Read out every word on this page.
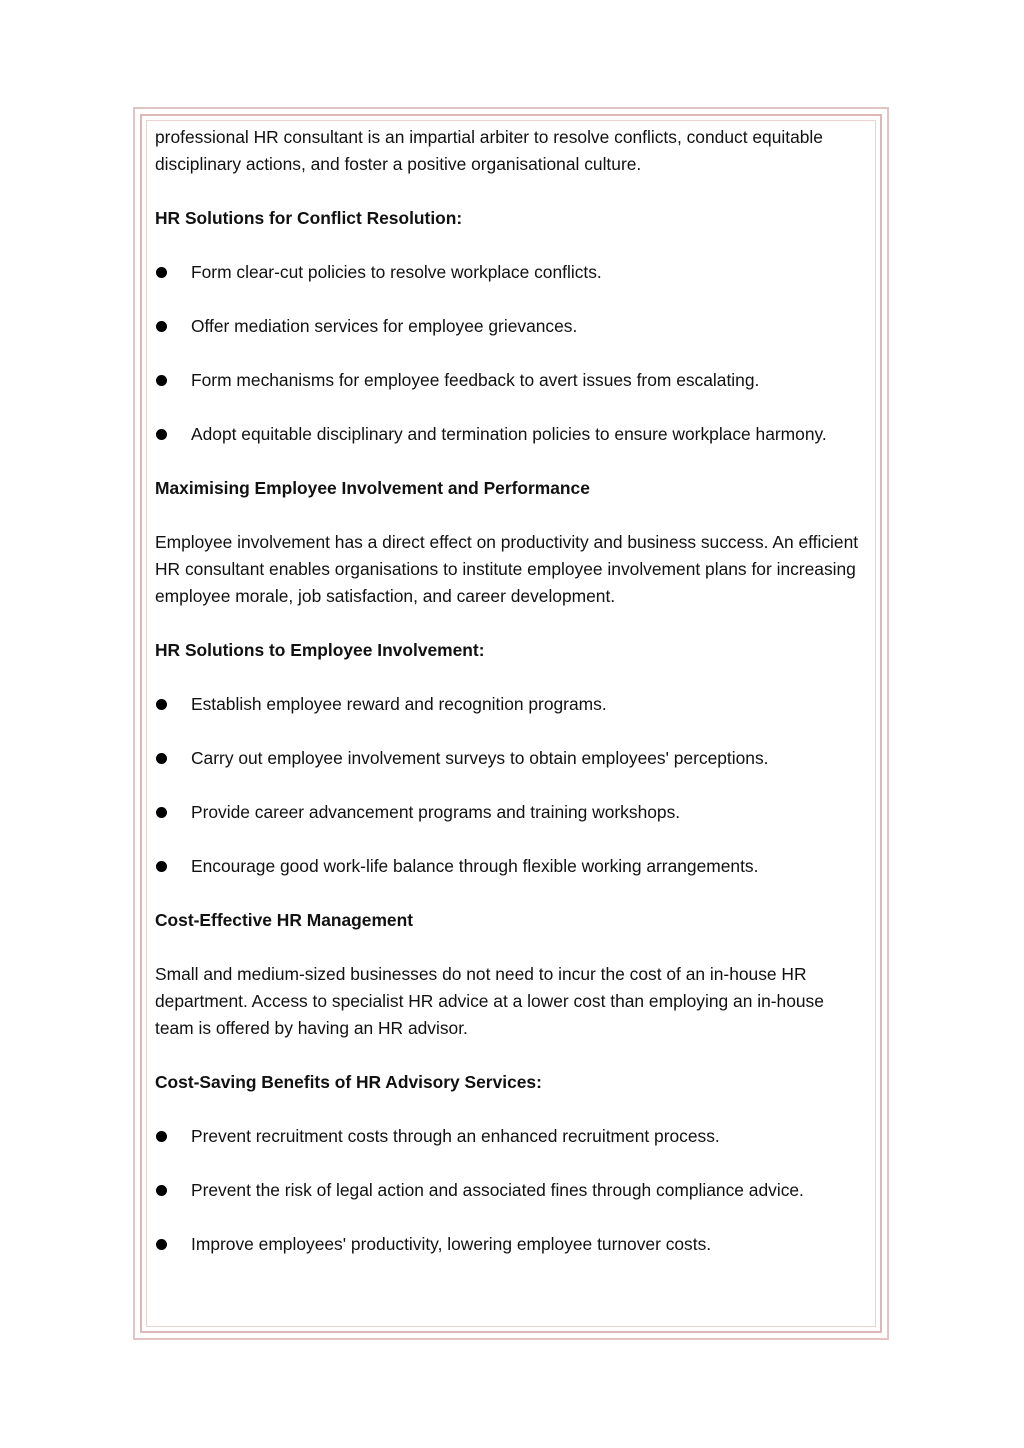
professional HR consultant is an impartial arbiter to resolve conflicts, conduct equitable disciplinary actions, and foster a positive organisational culture.

HR Solutions for Conflict Resolution:

Form clear-cut policies to resolve workplace conflicts.
Offer mediation services for employee grievances.
Form mechanisms for employee feedback to avert issues from escalating.
Adopt equitable disciplinary and termination policies to ensure workplace harmony.

Maximising Employee Involvement and Performance

Employee involvement has a direct effect on productivity and business success. An efficient HR consultant enables organisations to institute employee involvement plans for increasing employee morale, job satisfaction, and career development.

HR Solutions to Employee Involvement:

Establish employee reward and recognition programs.
Carry out employee involvement surveys to obtain employees' perceptions.
Provide career advancement programs and training workshops.
Encourage good work-life balance through flexible working arrangements.

Cost-Effective HR Management

Small and medium-sized businesses do not need to incur the cost of an in-house HR department. Access to specialist HR advice at a lower cost than employing an in-house team is offered by having an HR advisor.

Cost-Saving Benefits of HR Advisory Services:

Prevent recruitment costs through an enhanced recruitment process.
Prevent the risk of legal action and associated fines through compliance advice.
Improve employees' productivity, lowering employee turnover costs.
